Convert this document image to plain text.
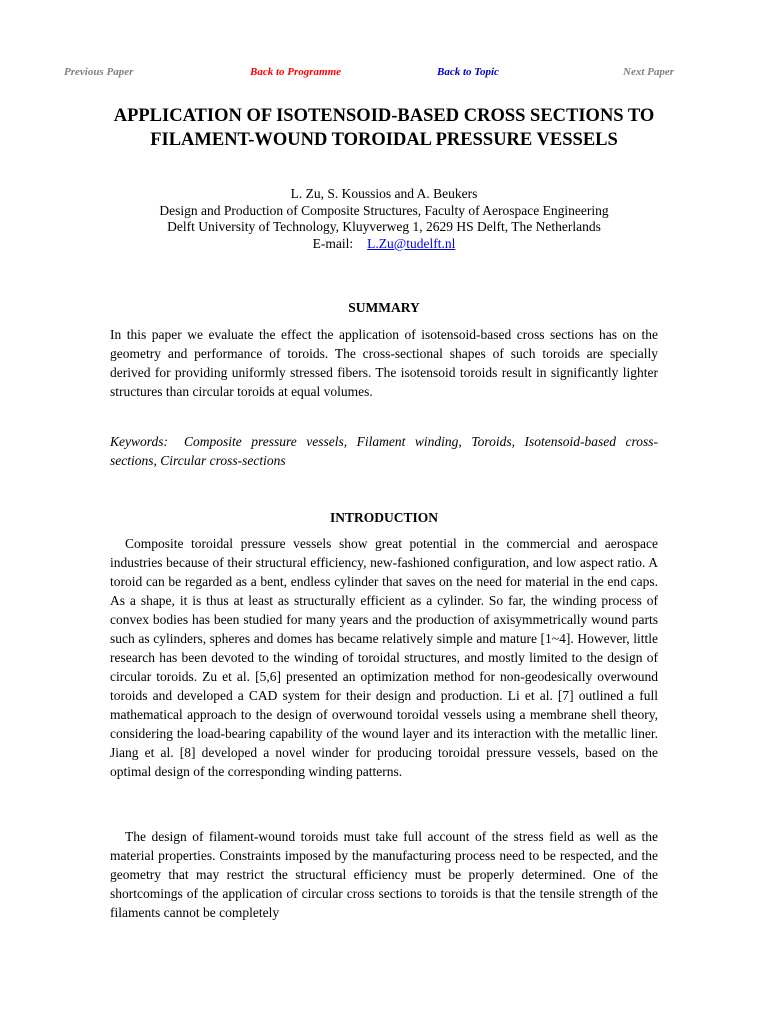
Previous Paper	Back to Programme	Back to Topic	Next Paper
APPLICATION OF ISOTENSOID-BASED CROSS SECTIONS TO FILAMENT-WOUND TOROIDAL PRESSURE VESSELS
L. Zu, S. Koussios and A. Beukers
Design and Production of Composite Structures, Faculty of Aerospace Engineering
Delft University of Technology, Kluyverweg 1, 2629 HS Delft, The Netherlands
E-mail: L.Zu@tudelft.nl
SUMMARY

In this paper we evaluate the effect the application of isotensoid-based cross sections has on the geometry and performance of toroids. The cross-sectional shapes of such toroids are specially derived for providing uniformly stressed fibers. The isotensoid toroids result in significantly lighter structures than circular toroids at equal volumes.

Keywords: Composite pressure vessels, Filament winding, Toroids, Isotensoid-based cross-sections, Circular cross-sections

INTRODUCTION

Composite toroidal pressure vessels show great potential in the commercial and aerospace industries because of their structural efficiency, new-fashioned configuration, and low aspect ratio. A toroid can be regarded as a bent, endless cylinder that saves on the need for material in the end caps. As a shape, it is thus at least as structurally efficient as a cylinder. So far, the winding process of convex bodies has been studied for many years and the production of axisymmetrically wound parts such as cylinders, spheres and domes has became relatively simple and mature [1~4]. However, little research has been devoted to the winding of toroidal structures, and mostly limited to the design of circular toroids. Zu et al. [5,6] presented an optimization method for non-geodesically overwound toroids and developed a CAD system for their design and production. Li et al. [7] outlined a full mathematical approach to the design of overwound toroidal vessels using a membrane shell theory, considering the load-bearing capability of the wound layer and its interaction with the metallic liner. Jiang et al. [8] developed a novel winder for producing toroidal pressure vessels, based on the optimal design of the corresponding winding patterns.

The design of filament-wound toroids must take full account of the stress field as well as the material properties. Constraints imposed by the manufacturing process need to be respected, and the geometry that may restrict the structural efficiency must be properly determined. One of the shortcomings of the application of circular cross sections to toroids is that the tensile strength of the filaments cannot be completely
